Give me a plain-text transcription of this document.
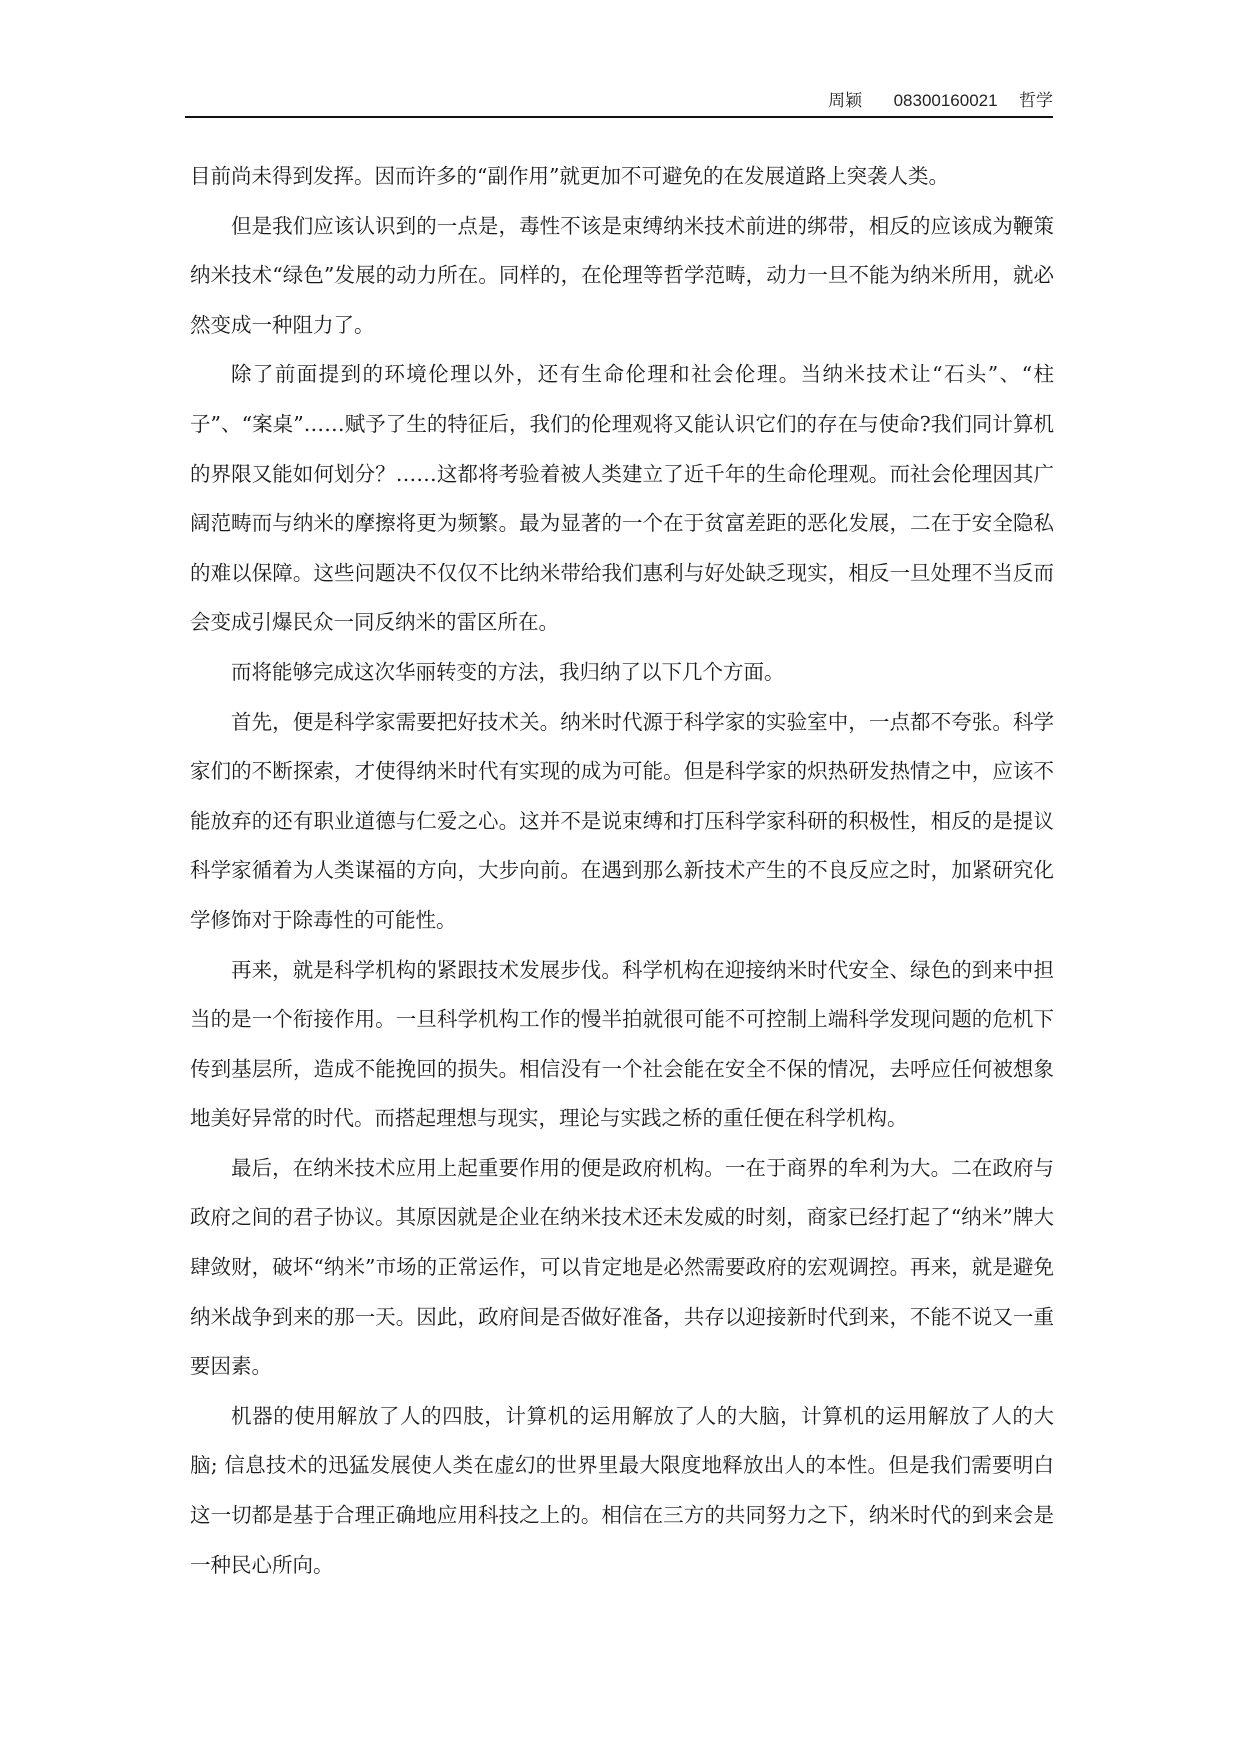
周颖 08300160021 哲学

目前尚未得到发挥。因而许多的“副作用”就更加不可避免的在发展道路上突袭人类。

但是我们应该认识到的一点是，毒性不该是束缚纳米技术前进的绑带，相反的应该成为鞭策纳米技术“绿色”发展的动力所在。同样的，在伦理等哲学范畴，动力一旦不能为纳米所用，就必然变成一种阻力了。

除了前面提到的环境伦理以外，还有生命伦理和社会伦理。当纳米技术让“石头”、“柱子”、“案桌”……赋予了生的特征后，我们的伦理观将又能认识它们的存在与使命?我们同计算机的界限又能如何划分？……这都将考验着被人类建立了近千年的生命伦理观。而社会伦理因其广阔范畴而与纳米的摩擦将更为频繁。最为显著的一个在于贫富差距的恶化发展，二在于安全隐私的难以保障。这些问题决不仅仅不比纳米带给我们惠利与好处缺乏现实，相反一旦处理不当反而会变成引爆民众一同反纳米的雷区所在。

而将能够完成这次华丽转变的方法，我归纳了以下几个方面。

首先，便是科学家需要把好技术关。纳米时代源于科学家的实验室中，一点都不夸张。科学家们的不断探索，才使得纳米时代有实现的成为可能。但是科学家的炽热研发热情之中，应该不能放弃的还有职业道德与仁爱之心。这并不是说束缚和打压科学家科研的积极性，相反的是提议科学家循着为人类谋福的方向，大步向前。在遇到那么新技术产生的不良反应之时，加紧研究化学修饰对于除毒性的可能性。

再来，就是科学机构的紧跟技术发展步伐。科学机构在迎接纳米时代安全、绿色的到来中担当的是一个衔接作用。一旦科学机构工作的慢半拍就很可能不可控制上端科学发现问题的危机下传到基层所，造成不能挽回的损失。相信没有一个社会能在安全不保的情况，去呼应任何被想象地美好异常的时代。而搭起理想与现实，理论与实践之桥的重任便在科学机构。

最后，在纳米技术应用上起重要作用的便是政府机构。一在于商界的牟利为大。二在政府与政府之间的君子协议。其原因就是企业在纳米技术还未发威的时刻，商家已经打起了“纳米”牌大肆敛财，破坏“纳米”市场的正常运作，可以肯定地是必然需要政府的宏观调控。再来，就是避免纳米战争到来的那一天。因此，政府间是否做好准备，共存以迎接新时代到来，不能不说又一重要因素。

机器的使用解放了人的四肢，计算机的运用解放了人的大脑，计算机的运用解放了人的大脑; 信息技术的迅猛发展使人类在虚幻的世界里最大限度地释放出人的本性。但是我们需要明白这一切都是基于合理正确地应用科技之上的。相信在三方的共同努力之下，纳米时代的到来会是一种民心所向。
